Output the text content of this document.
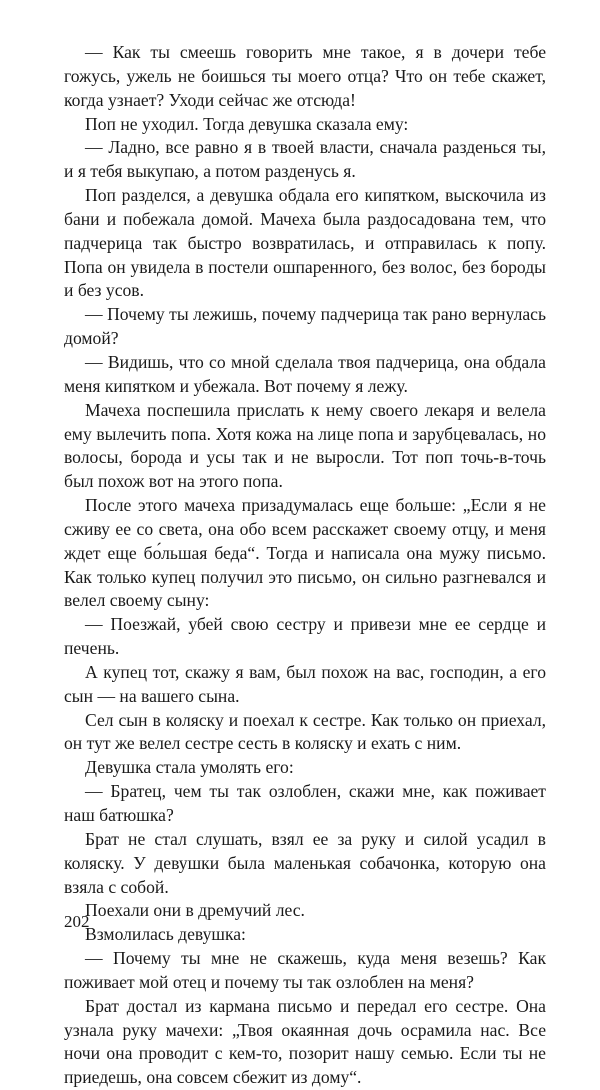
— Как ты смеешь говорить мне такое, я в дочери тебе гожусь, ужель не боишься ты моего отца? Что он тебе скажет, когда узнает? Уходи сейчас же отсюда!

Поп не уходил. Тогда девушка сказала ему:

— Ладно, все равно я в твоей власти, сначала разденься ты, и я тебя выкупаю, а потом разденусь я.

Поп разделся, а девушка обдала его кипятком, выскочила из бани и побежала домой. Мачеха была раздосадована тем, что падчерица так быстро возвратилась, и отправилась к попу. Попа он увидела в постели ошпаренного, без волос, без бороды и без усов.

— Почему ты лежишь, почему падчерица так рано вернулась домой?

— Видишь, что со мной сделала твоя падчерица, она обдала меня кипятком и убежала. Вот почему я лежу.

Мачеха поспешила прислать к нему своего лекаря и велела ему вылечить попа. Хотя кожа на лице попа и зарубцевалась, но волосы, борода и усы так и не выросли. Тот поп точь-в-точь был похож вот на этого попа.

После этого мачеха призадумалась еще больше: „Если я не сживу ее со света, она обо всем расскажет своему отцу, и меня ждет еще бо́льшая беда“. Тогда и написала она мужу письмо. Как только купец получил это письмо, он сильно разгневался и велел своему сыну:

— Поезжай, убей свою сестру и привези мне ее сердце и печень.

А купец тот, скажу я вам, был похож на вас, господин, а его сын — на вашего сына.

Сел сын в коляску и поехал к сестре. Как только он приехал, он тут же велел сестре сесть в коляску и ехать с ним.

Девушка стала умолять его:

— Братец, чем ты так озлоблен, скажи мне, как поживает наш батюшка?

Брат не стал слушать, взял ее за руку и силой усадил в коляску. У девушки была маленькая собачонка, которую она взяла с собой.

Поехали они в дремучий лес.

Взмолилась девушка:

— Почему ты мне не скажешь, куда меня везешь? Как поживает мой отец и почему ты так озлоблен на меня?

Брат достал из кармана письмо и передал его сестре. Она узнала руку мачехи: „Твоя окаянная дочь осрамила нас. Все ночи она проводит с кем-то, позорит нашу семью. Если ты не приедешь, она совсем сбежит из дому“.

202
